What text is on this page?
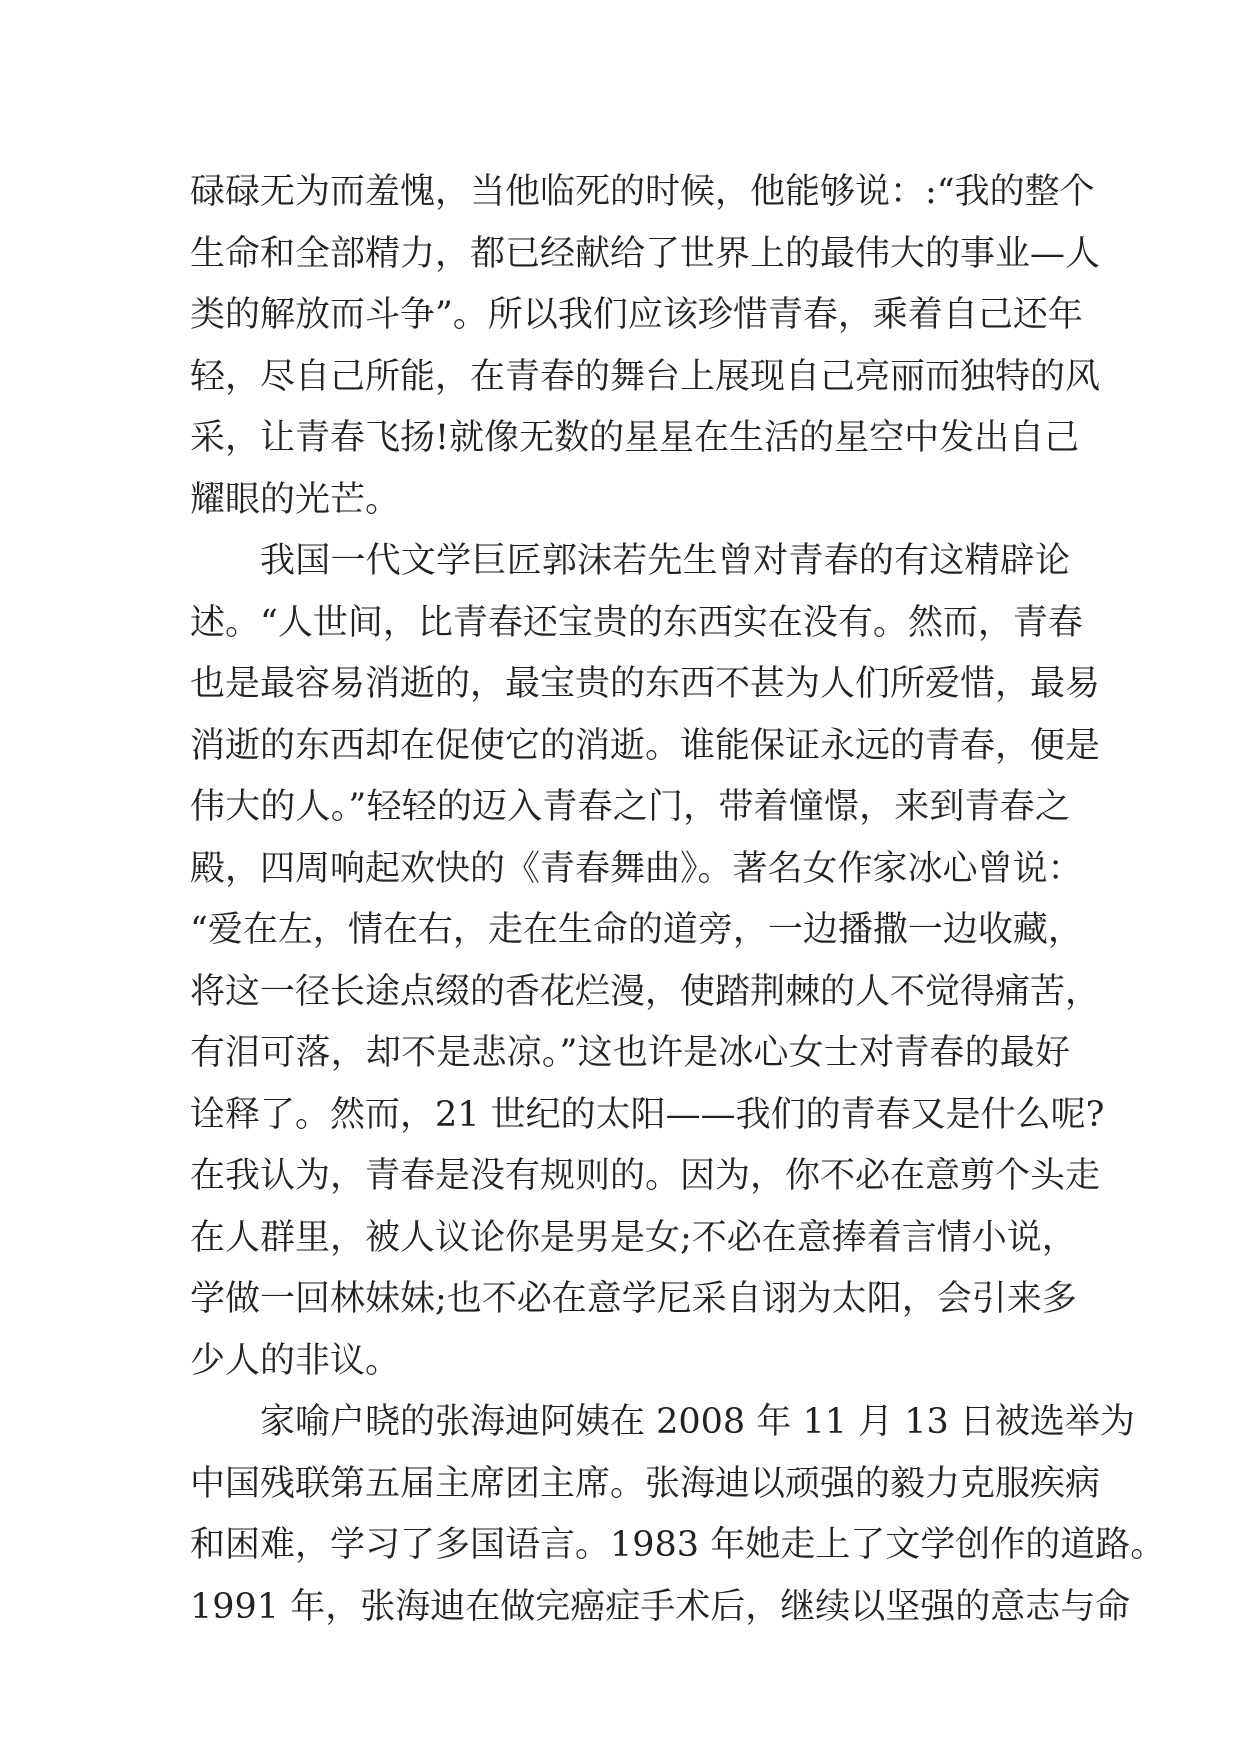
碌碌无为而羞愧，当他临死的时候，他能够说：:“我的整个
生命和全部精力，都已经献给了世界上的最伟大的事业—人
类的解放而斗争”。所以我们应该珍惜青春，乘着自己还年
轻，尽自己所能，在青春的舞台上展现自己亮丽而独特的风
采，让青春飞扬!就像无数的星星在生活的星空中发出自己
耀眼的光芒。
我国一代文学巨匠郭沫若先生曾对青春的有这精辟论
述。“人世间，比青春还宝贵的东西实在没有。然而，青春
也是最容易消逝的，最宝贵的东西不甚为人们所爱惜，最易
消逝的东西却在促使它的消逝。谁能保证永远的青春，便是
伟大的人。”轻轻的迈入青春之门，带着憧憬，来到青春之
殿，四周响起欢快的《青春舞曲》。著名女作家冰心曾说：
“爱在左，情在右，走在生命的道旁，一边播撒一边收藏，
将这一径长途点缀的香花烂漫，使踏荆棘的人不觉得痛苦，
有泪可落，却不是悲凉。”这也许是冰心女士对青春的最好
诠释了。然而，21 世纪的太阳——我们的青春又是什么呢?
在我认为，青春是没有规则的。因为，你不必在意剪个头走
在人群里，被人议论你是男是女;不必在意捧着言情小说，
学做一回林妹妹;也不必在意学尼采自诩为太阳，会引来多
少人的非议。
家喻户晓的张海迪阿姨在 2008 年 11 月 13 日被选举为
中国残联第五届主席团主席。张海迪以顽强的毅力克服疾病
和困难，学习了多国语言。1983 年她走上了文学创作的道路。
1991 年，张海迪在做完癌症手术后，继续以坚强的意志与命
